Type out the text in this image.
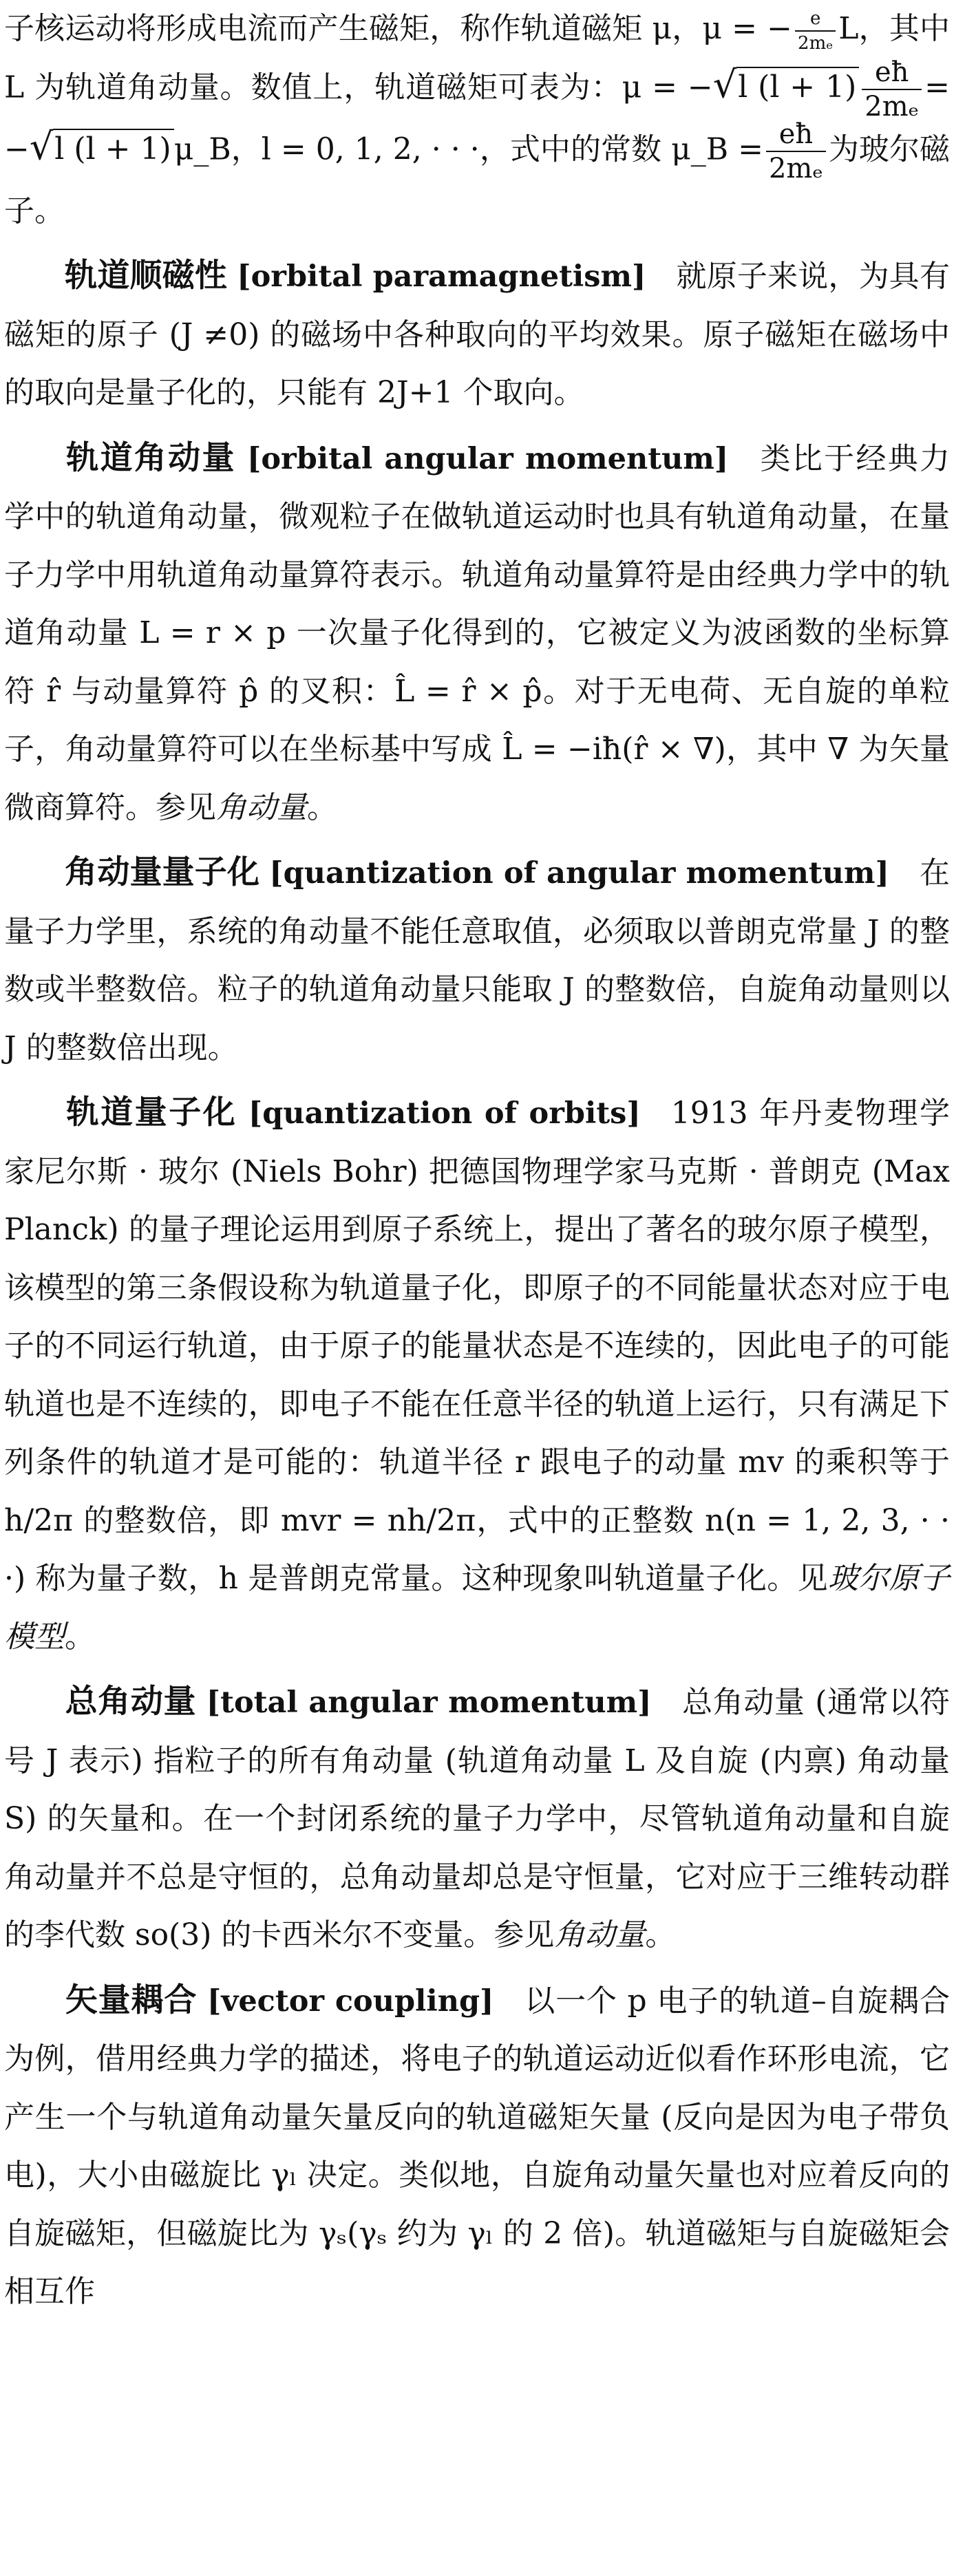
子核运动将形成电流而产生磁矩，称作轨道磁矩 μ，μ = − $\frac{e}{\text{2mₑ}}$ L，其中 L 为轨道角动量。数值上，轨道磁矩可表为：μ = −√l $(l + 1) \frac{eħ}{\text{2mₑ}} = -√l$ (l + 1)μ_B，l = 0, 1, 2, · · ·，式中的常数 μ_B = $\frac{eħ}{\text{2mₑ}}$ 为玻尔磁子。

轨道顺磁性 [orbital paramagnetism]  就原子来说，为具有磁矩的原子 (J ≠0) 的磁场中各种取向的平均效果。原子磁矩在磁场中的取向是量子化的，只能有 2J+1 个取向。

轨道角动量 [orbital angular momentum]  类比于经典力学中的轨道角动量，微观粒子在做轨道运动时也具有轨道角动量，在量子力学中用轨道角动量算符表示。轨道角动量算符是由经典力学中的轨道角动量 L = r × p 一次量子化得到的，它被定义为波函数的坐标算符 r̂ 与动量算符 p̂ 的叉积：L̂ = r̂ × p̂。对于无电荷、无自旋的单粒子，角动量算符可以在坐标基中写成 L̂ = −iħ(r̂ × ∇)，其中 ∇ 为矢量微商算符。参见角动量。

角动量量子化 [quantization of angular momentum]  在量子力学里，系统的角动量不能任意取值，必须取以普朗克常量 J 的整数或半整数倍。粒子的轨道角动量只能取 J 的整数倍，自旋角动量则以 J 的整数倍出现。

轨道量子化 [quantization of orbits]  1913 年丹麦物理学家尼尔斯 · 玻尔 (Niels Bohr) 把德国物理学家马克斯 · 普朗克 (Max Planck) 的量子理论运用到原子系统上，提出了著名的玻尔原子模型，该模型的第三条假设称为轨道量子化，即原子的不同能量状态对应于电子的不同运行轨道，由于原子的能量状态是不连续的，因此电子的可能轨道也是不连续的，即电子不能在任意半径的轨道上运行，只有满足下列条件的轨道才是可能的：轨道半径 r 跟电子的动量 mv 的乘积等于 h/2π 的整数倍，即 mvr = nh/2π，式中的正整数 n(n = 1, 2, 3, · · ·) 称为量子数，h 是普朗克常量。这种现象叫轨道量子化。见玻尔原子模型。

总角动量 [total angular momentum]  总角动量 (通常以符号 J 表示) 指粒子的所有角动量 (轨道角动量 L 及自旋 (内禀) 角动量 S) 的矢量和。在一个封闭系统的量子力学中，尽管轨道角动量和自旋角动量并不总是守恒的，总角动量却总是守恒量，它对应于三维转动群的李代数 so(3) 的卡西米尔不变量。参见角动量。

矢量耦合 [vector coupling]  以一个 p 电子的轨道–自旋耦合为例，借用经典力学的描述，将电子的轨道运动近似看作环形电流，它产生一个与轨道角动量矢量反向的轨道磁矩矢量 (反向是因为电子带负电)，大小由磁旋比 γₗ 决定。类似地，自旋角动量矢量也对应着反向的自旋磁矩，但磁旋比为 γₛ(γₛ 约为 γₗ 的 2 倍)。轨道磁矩与自旋磁矩会相互作
